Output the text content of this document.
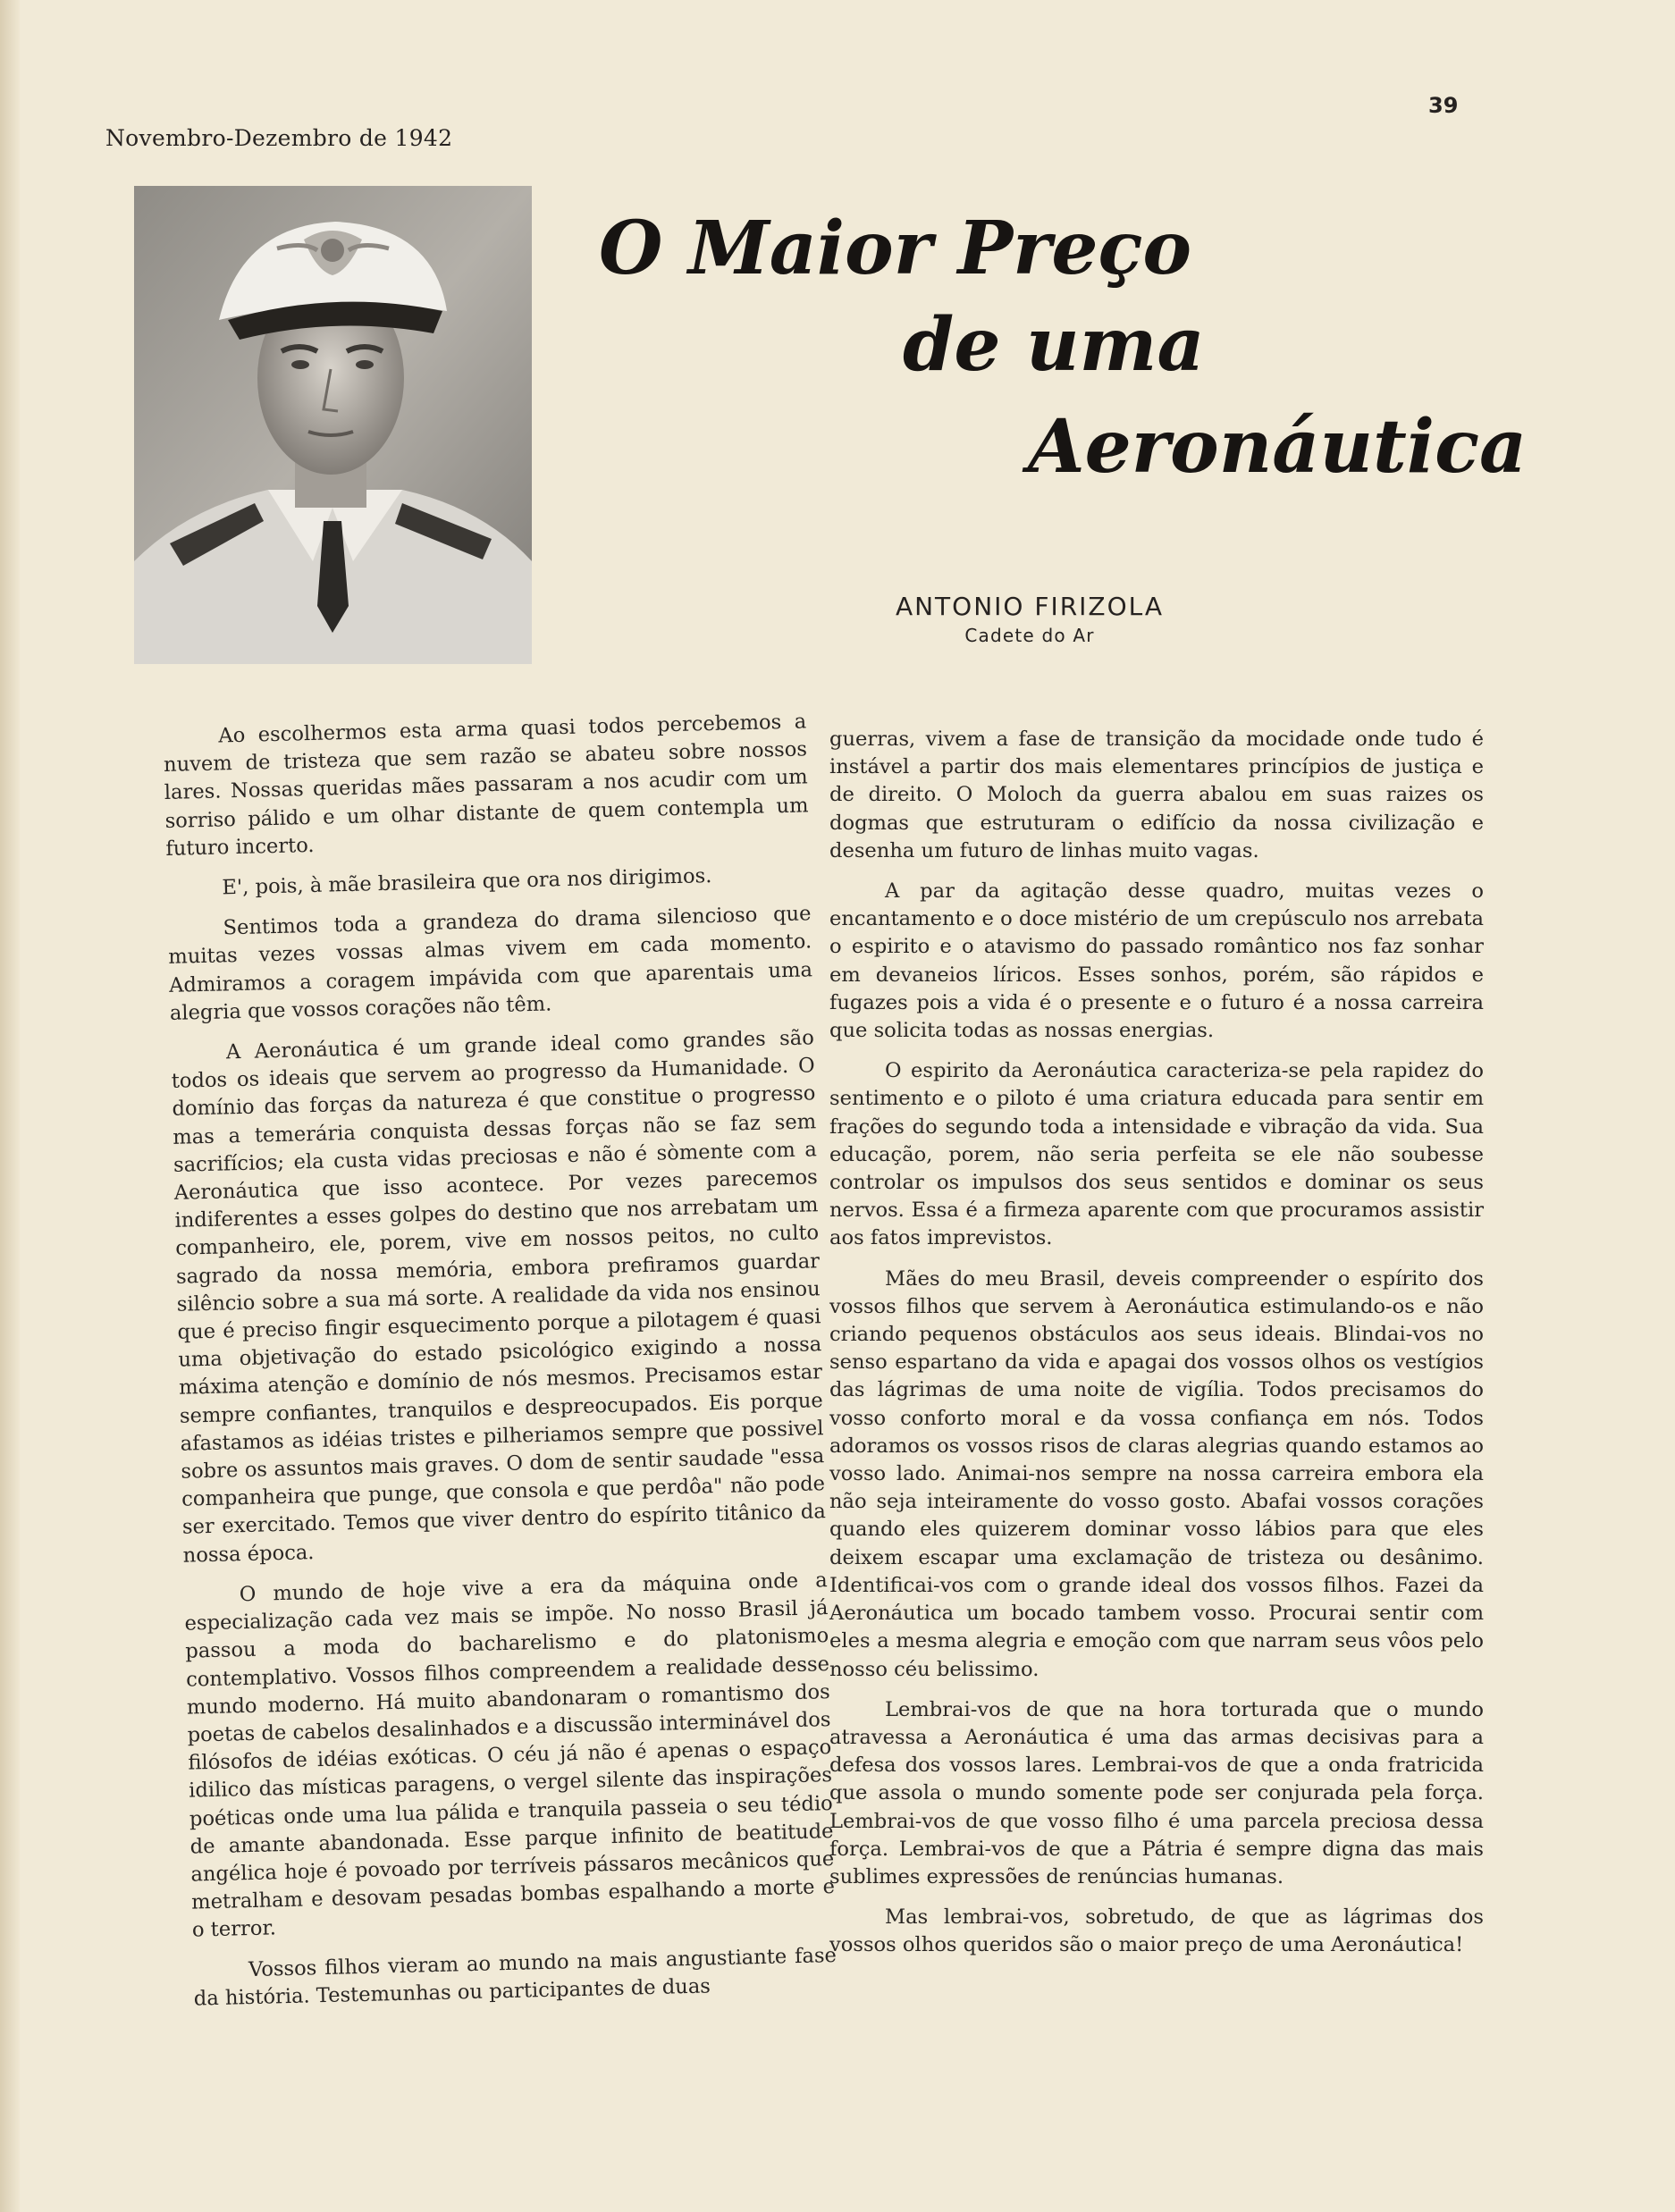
Novembro-Dezembro de 1942
39
O Maior Preço
de uma
Aeronáutica
ANTONIO FIRIZOLA
Cadete do Ar

Ao escolhermos esta arma quasi todos percebemos a nuvem de tristeza que sem razão se abateu sobre nossos lares. Nossas queridas mães passaram a nos acudir com um sorriso pálido e um olhar distante de quem contempla um futuro incerto.

E', pois, à mãe brasileira que ora nos dirigimos.

Sentimos toda a grandeza do drama silencioso que muitas vezes vossas almas vivem em cada momento. Admiramos a coragem impávida com que aparentais uma alegria que vossos corações não têm.

A Aeronáutica é um grande ideal como grandes são todos os ideais que servem ao progresso da Humanidade. O domínio das forças da natureza é que constitue o progresso mas a temerária conquista dessas forças não se faz sem sacrifícios; ela custa vidas preciosas e não é sòmente com a Aeronáutica que isso acontece. Por vezes parecemos indiferentes a esses golpes do destino que nos arrebatam um companheiro, ele, porem, vive em nossos peitos, no culto sagrado da nossa memória, embora prefiramos guardar silêncio sobre a sua má sorte. A realidade da vida nos ensinou que é preciso fingir esquecimento porque a pilotagem é quasi uma objetivação do estado psicológico exigindo a nossa máxima atenção e domínio de nós mesmos. Precisamos estar sempre confiantes, tranquilos e despreocupados. Eis porque afastamos as idéias tristes e pilheriamos sempre que possivel sobre os assuntos mais graves. O dom de sentir saudade "essa companheira que punge, que consola e que perdôa" não pode ser exercitado. Temos que viver dentro do espírito titânico da nossa época.

O mundo de hoje vive a era da máquina onde a especialização cada vez mais se impõe. No nosso Brasil já passou a moda do bacharelismo e do platonismo contemplativo. Vossos filhos compreendem a realidade desse mundo moderno. Há muito abandonaram o romantismo dos poetas de cabelos desalinhados e a discussão interminável dos filósofos de idéias exóticas. O céu já não é apenas o espaço idilico das místicas paragens, o vergel silente das inspirações poéticas onde uma lua pálida e tranquila passeia o seu tédio de amante abandonada. Esse parque infinito de beatitude angélica hoje é povoado por terríveis pássaros mecânicos que metralham e desovam pesadas bombas espalhando a morte e o terror.

Vossos filhos vieram ao mundo na mais angustiante fase da história. Testemunhas ou participantes de duas

guerras, vivem a fase de transição da mocidade onde tudo é instável a partir dos mais elementares princípios de justiça e de direito. O Moloch da guerra abalou em suas raizes os dogmas que estruturam o edifício da nossa civilização e desenha um futuro de linhas muito vagas.

A par da agitação desse quadro, muitas vezes o encantamento e o doce mistério de um crepúsculo nos arrebata o espirito e o atavismo do passado romântico nos faz sonhar em devaneios líricos. Esses sonhos, porém, são rápidos e fugazes pois a vida é o presente e o futuro é a nossa carreira que solicita todas as nossas energias.

O espirito da Aeronáutica caracteriza-se pela rapidez do sentimento e o piloto é uma criatura educada para sentir em frações do segundo toda a intensidade e vibração da vida. Sua educação, porem, não seria perfeita se ele não soubesse controlar os impulsos dos seus sentidos e dominar os seus nervos. Essa é a firmeza aparente com que procuramos assistir aos fatos imprevistos.

Mães do meu Brasil, deveis compreender o espírito dos vossos filhos que servem à Aeronáutica estimulando-os e não criando pequenos obstáculos aos seus ideais. Blindai-vos no senso espartano da vida e apagai dos vossos olhos os vestígios das lágrimas de uma noite de vigília. Todos precisamos do vosso conforto moral e da vossa confiança em nós. Todos adoramos os vossos risos de claras alegrias quando estamos ao vosso lado. Animai-nos sempre na nossa carreira embora ela não seja inteiramente do vosso gosto. Abafai vossos corações quando eles quizerem dominar vosso lábios para que eles deixem escapar uma exclamação de tristeza ou desânimo. Identificai-vos com o grande ideal dos vossos filhos. Fazei da Aeronáutica um bocado tambem vosso. Procurai sentir com eles a mesma alegria e emoção com que narram seus vôos pelo nosso céu belissimo.

Lembrai-vos de que na hora torturada que o mundo atravessa a Aeronáutica é uma das armas decisivas para a defesa dos vossos lares. Lembrai-vos de que a onda fratricida que assola o mundo somente pode ser conjurada pela força. Lembrai-vos de que vosso filho é uma parcela preciosa dessa força. Lembrai-vos de que a Pátria é sempre digna das mais sublimes expressões de renúncias humanas.

Mas lembrai-vos, sobretudo, de que as lágrimas dos vossos olhos queridos são o maior preço de uma Aeronáutica!
